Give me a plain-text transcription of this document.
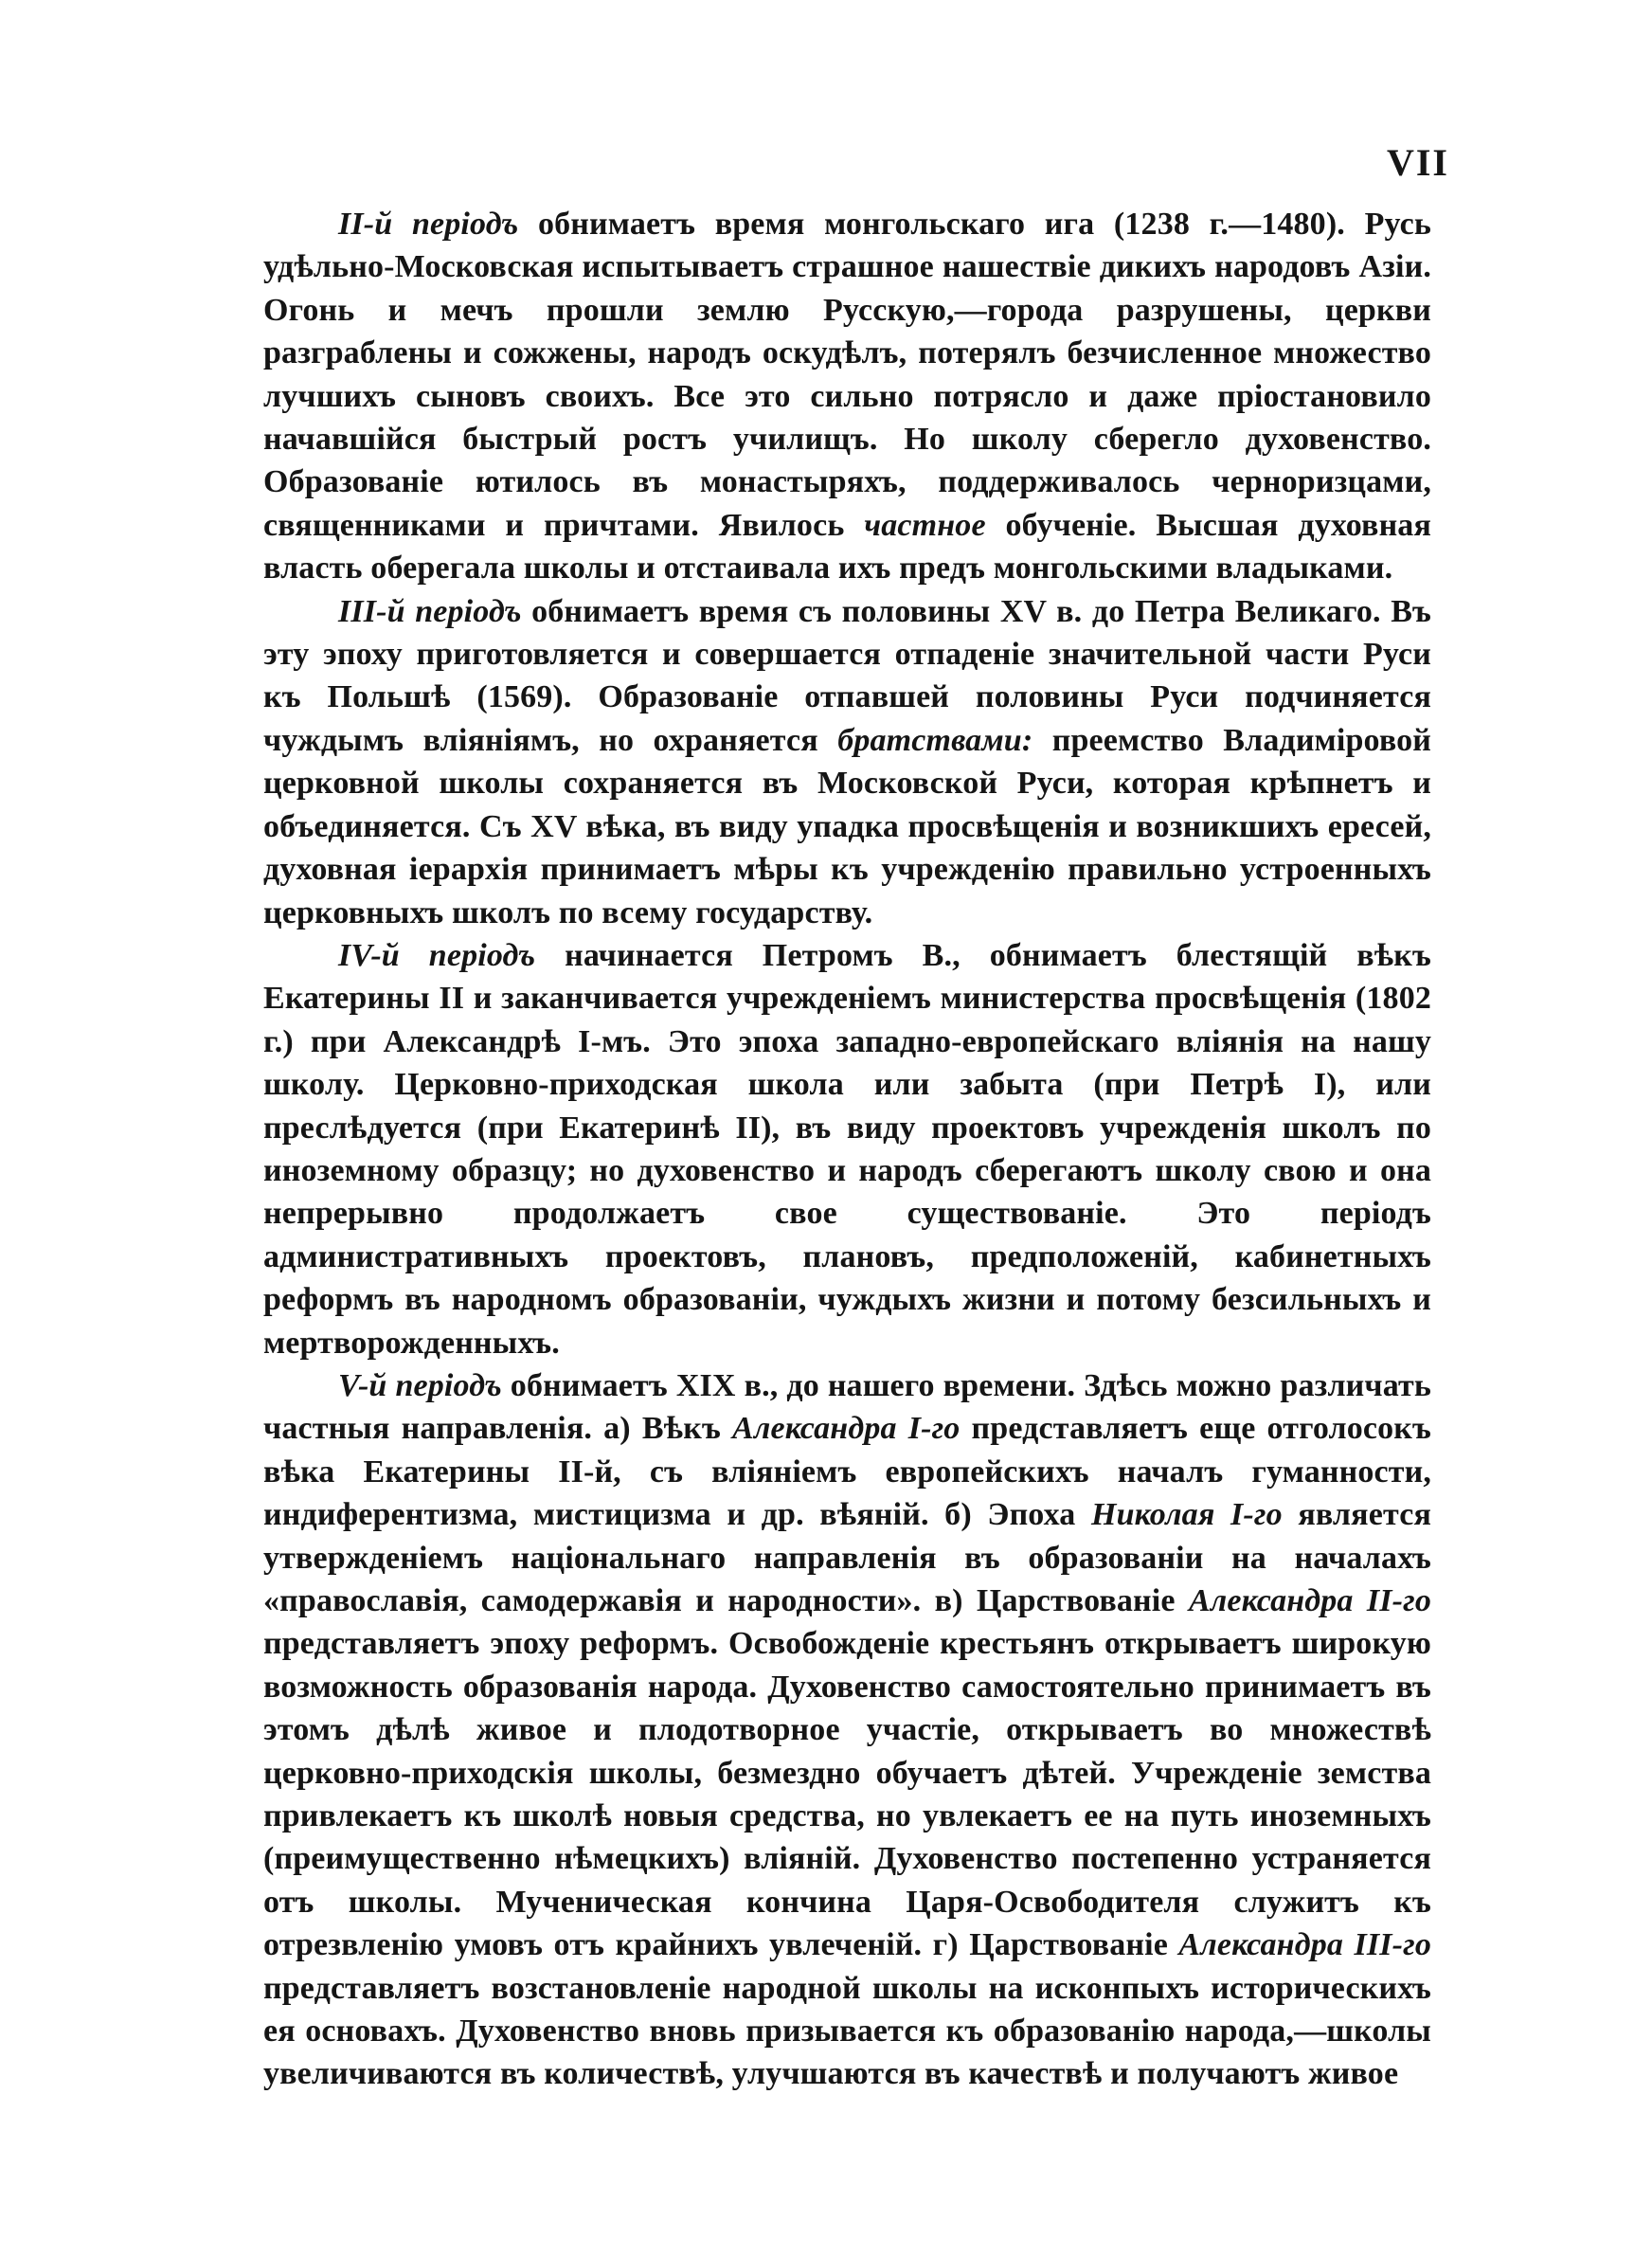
VII

II-й періодъ обнимаетъ время монгольскаго ига (1238 г.—1480). Русь удѣльно-Московская испытываетъ страшное нашествіе дикихъ народовъ Азіи. Огонь и мечъ прошли землю Русскую,—города разрушены, церкви разграблены и сожжены, народъ оскудѣлъ, потерялъ безчисленное множество лучшихъ сыновъ своихъ. Все это сильно потрясло и даже пріостановило начавшійся быстрый ростъ училищъ. Но школу сберегло духовенство. Образованіе ютилось въ монастыряхъ, поддерживалось черноризцами, священниками и причтами. Явилось частное обученіе. Высшая духовная власть оберегала школы и отстаивала ихъ предъ монгольскими владыками.

III-й періодъ обнимаетъ время съ половины XV в. до Петра Великаго. Въ эту эпоху приготовляется и совершается отпаденіе значительной части Руси къ Польшѣ (1569). Образованіе отпавшей половины Руси подчиняется чуждымъ вліяніямъ, но охраняется братствами: преемство Владиміровой церковной школы сохраняется въ Московской Руси, которая крѣпнетъ и объединяется. Съ XV вѣка, въ виду упадка просвѣщенія и возникшихъ ересей, духовная іерархія принимаетъ мѣры къ учрежденію правильно устроенныхъ церковныхъ школъ по всему государству.

IV-й періодъ начинается Петромъ В., обнимаетъ блестящій вѣкъ Екатерины II и заканчивается учрежденіемъ министерства просвѣщенія (1802 г.) при Александрѣ I-мъ. Это эпоха западно-европейскаго вліянія на нашу школу. Церковно-приходская школа или забыта (при Петрѣ I), или преслѣдуется (при Екатеринѣ II), въ виду проектовъ учрежденія школъ по иноземному образцу; но духовенство и народъ сберегаютъ школу свою и она непрерывно продолжаетъ свое существованіе. Это періодъ административныхъ проектовъ, плановъ, предположеній, кабинетныхъ реформъ въ народномъ образованіи, чуждыхъ жизни и потому безсильныхъ и мертворожденныхъ.

V-й періодъ обнимаетъ XIX в., до нашего времени. Здѣсь можно различать частныя направленія. а) Вѣкъ Александра I-го представляетъ еще отголосокъ вѣка Екатерины II-й, съ вліяніемъ европейскихъ началъ гуманности, индиферентизма, мистицизма и др. вѣяній. б) Эпоха Николая I-го является утвержденіемъ національнаго направленія въ образованіи на началахъ «православія, самодержавія и народности». в) Царствованіе Александра II-го представляетъ эпоху реформъ. Освобожденіе крестьянъ открываетъ широкую возможность образованія народа. Духовенство самостоятельно принимаетъ въ этомъ дѣлѣ живое и плодотворное участіе, открываетъ во множествѣ церковно-приходскія школы, безмездно обучаетъ дѣтей. Учрежденіе земства привлекаетъ къ школѣ новыя средства, но увлекаетъ ее на путь иноземныхъ (преимущественно нѣмецкихъ) вліяній. Духовенство постепенно устраняется отъ школы. Мученическая кончина Царя-Освободителя служитъ къ отрезвленію умовъ отъ крайнихъ увлеченій. г) Царствованіе Александра III-го представляетъ возстановленіе народной школы на исконпыхъ историческихъ ея основахъ. Духовенство вновь призывается къ образованію народа,—школы увеличиваются въ количествѣ, улучшаются въ качествѣ и получаютъ живое
